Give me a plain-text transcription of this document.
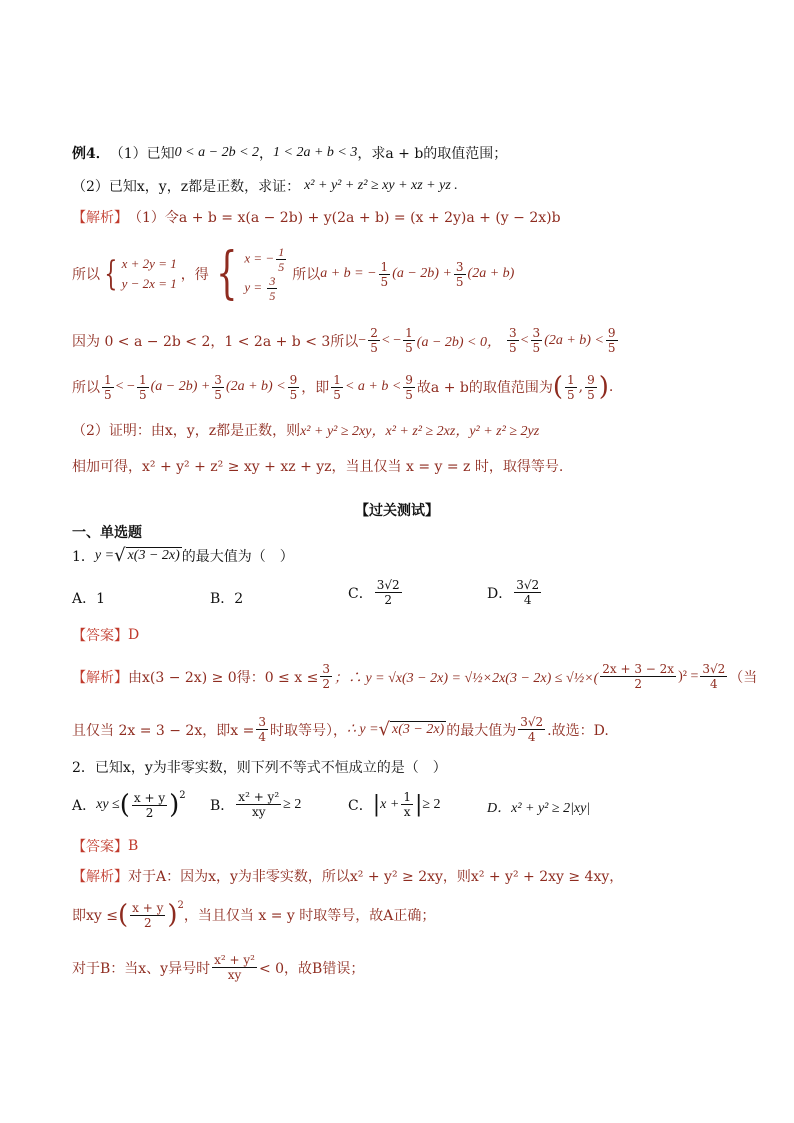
例4 ． （1）已知 0 < a − 2b < 2 ， 1 < 2a + b < 3 ，求a + b的取值范围；
（2）已知x，y，z都是正数，求证： x² + y² + z² ≥ xy + xz + yz .
【解析】 （1）令a + b = x(a − 2b) + y(2a + b) = (x + 2y)a + (y − 2x)b
所以 { x + 2y = 1
y − 2x = 1
，得 { x = − $\frac{1}{5}$
$y = \frac{3}{5}$ 所以 a + b = − $\frac{1}{5} (a - 2b) + \frac{3}{5} (2a + b)$
因为 0 < a − 2b < 2，1 < 2a + b < 3所以 − $\frac{2}{5}$ < − $\frac{1}{5} (a - 2b) < 0$，
3
5
< 3
5
(2a + b) < 9
5
所以
1
5
< − $\frac{1}{5} (a - 2b) + \frac{3}{5} (2a + b) < 9$
5 ，即
1
5
< a + b < 9
5 故a + b的取值范围为 ( 1
5 , 9
5 ) .
（2）证明：由x，y，z都是正数，则 x² + y² ≥ 2xy，x² + z² ≥ 2xz，y² + z² ≥ 2yz
相加可得，x² + y² + z² ≥ xy + xz + yz，当且仅当 x = y = z 时，取得等号.
【过关测试】
一、单选题
1． y = √ x(3 − 2x) 的最大值为（　）
A．1	B．2	C．
3√2
2	D．
3√2
4
【答案】 D
【解析】 由x(3 − 2x) ≥ 0得：$0 \le x \le \frac{3}{2}$ ；∴ y = √x(3 − 2x) = √½×2x(3 − 2x) ≤ √½×(
2x + 3 − 2x
2
)$^2 = \frac{3√2}{4}$ （当
且仅当 2x = 3 − 2x，即$x = \frac{3}{4}$ 时取等号）， ∴ y = √ x(3 − 2x) 的最大值为
3√2
4 .故选：D.
2． 已知x，y为非零实数，则下列不等式不恒成立的是（　）
A． xy ≤ ( x + y
2 ) 2
B． $\frac{\text{x² + y²}}{xy} \ge 2$	C． | $x + \frac{1}{x}$ | ≥ 2	D．x² + y² ≥ 2|xy|
【答案】 B
【解析】 对于A：因为x，y为非零实数，所以x² + y² ≥ 2xy，则x² + y² + 2xy ≥ 4xy，
即xy ≤ ( x + y
2 ) 2
，当且仅当 x = y 时取等号，故A正确；
对于B：当x、y异号时
x² + y²
xy < 0，故B错误；
